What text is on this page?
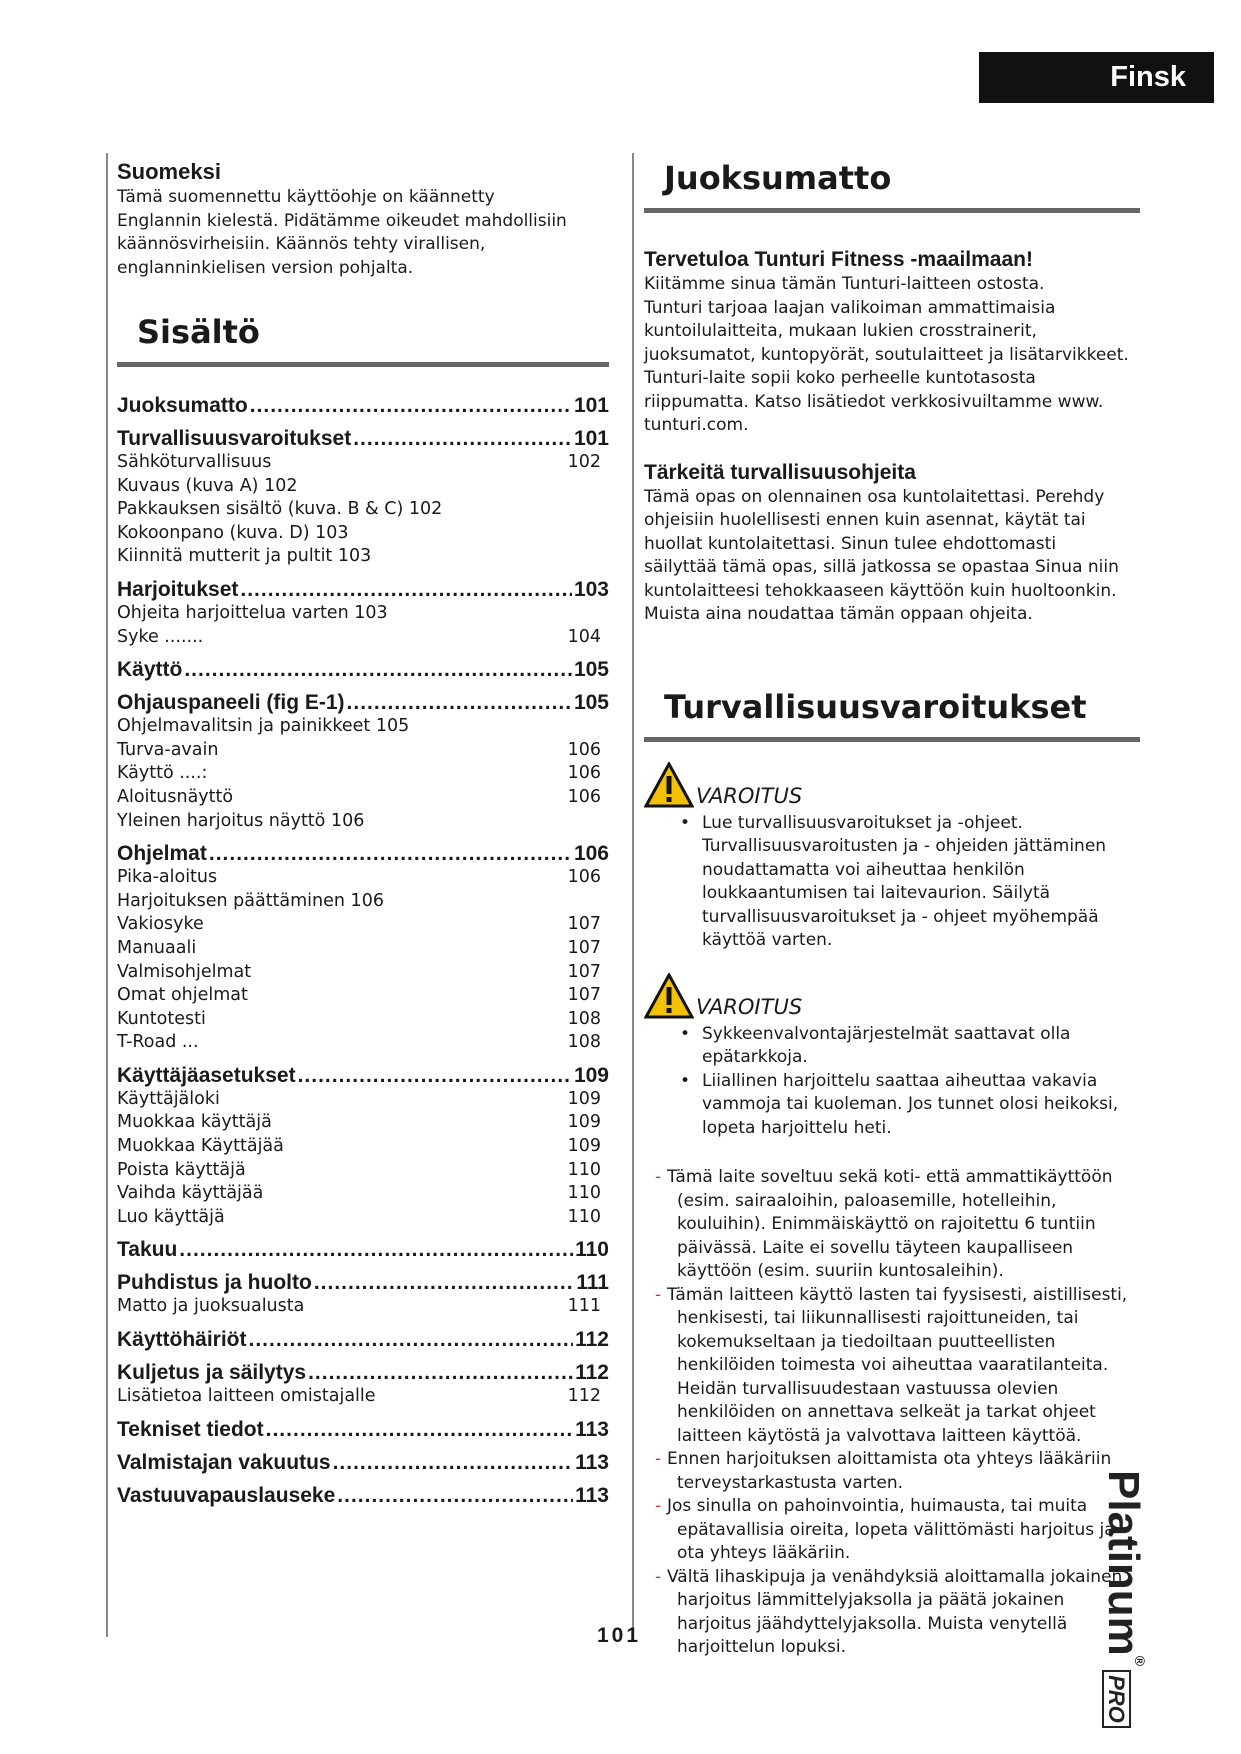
Finsk
Suomeksi

Tämä suomennettu käyttöohje on käännetty

Englannin kielestä. Pidätämme oikeudet mahdollisiin

käännösvirheisiin. Käännös tehty virallisen,

englanninkielisen version pohjalta.

Sisältö
Juoksumatto .....	101
Turvallisuusvaroitukset .....	101
Sähköturvallisuus	102
Kuvaus (kuva A) 102
Pakkauksen sisältö (kuva. B & C) 102
Kokoonpano (kuva. D) 103
Kiinnitä mutterit ja pultit 103
Harjoitukset .....	103
Ohjeita harjoittelua varten 103
Syke .......	104
Käyttö .....	105
Ohjauspaneeli (fig E-1) .....	105
Ohjelmavalitsin ja painikkeet 105
Turva-avain	106
Käyttö ....:	106
Aloitusnäyttö	106
Yleinen harjoitus näyttö 106
Ohjelmat .....	106
Pika-aloitus	106
Harjoituksen päättäminen 106
Vakiosyke	107
Manuaali	107
Valmisohjelmat	107
Omat ohjelmat	107
Kuntotesti	108
T-Road ...	108
Käyttäjäasetukset .....	109
Käyttäjäloki	109
Muokkaa käyttäjä	109
Muokkaa Käyttäjää	109
Poista käyttäjä	110
Vaihda käyttäjää	110
Luo käyttäjä	110
Takuu .....	110
Puhdistus ja huolto .....	111
Matto ja juoksualusta	111
Käyttöhäiriöt .....	112
Kuljetus ja säilytys .....	112
Lisätietoa laitteen omistajalle	112
Tekniset tiedot .....	113
Valmistajan vakuutus .....	113
Vastuuvapauslauseke .....	113
Juoksumatto
Tervetuloa Tunturi Fitness -maailmaan!

Kiitämme sinua tämän Tunturi-laitteen ostosta.

Tunturi tarjoaa laajan valikoiman ammattimaisia

kuntoilulaitteita, mukaan lukien crosstrainerit,

juoksumatot, kuntopyörät, soutulaitteet ja lisätarvikkeet.

Tunturi-laite sopii koko perheelle kuntotasosta

riippumatta. Katso lisätiedot verkkosivuiltamme www.

tunturi.com.

Tärkeitä turvallisuusohjeita

Tämä opas on olennainen osa kuntolaitettasi. Perehdy

ohjeisiin huolellisesti ennen kuin asennat, käytät tai

huollat kuntolaitettasi. Sinun tulee ehdottomasti

säilyttää tämä opas, sillä jatkossa se opastaa Sinua niin

kuntolaitteesi tehokkaaseen käyttöön kuin huoltoonkin.

Muista aina noudattaa tämän oppaan ohjeita.

Turvallisuusvaroitukset
VAROITUS
• Lue turvallisuusvaroitukset ja -ohjeet. Turvallisuusvaroitusten ja - ohjeiden jättäminen noudattamatta voi aiheuttaa henkilön loukkaantumisen tai laitevaurion. Säilytä turvallisuusvaroitukset ja - ohjeet myöhempää käyttöä varten.
VAROITUS
• Sykkeenvalvontajärjestelmät saattavat olla epätarkkoja.
• Liiallinen harjoittelu saattaa aiheuttaa vakavia vammoja tai kuoleman. Jos tunnet olosi heikoksi, lopeta harjoittelu heti.
- Tämä laite soveltuu sekä koti- että ammattikäyttöön (esim. sairaaloihin, paloasemille, hotelleihin, kouluihin). Enimmäiskäyttö on rajoitettu 6 tuntiin päivässä. Laite ei sovellu täyteen kaupalliseen käyttöön (esim. suuriin kuntosaleihin).
- Tämän laitteen käyttö lasten tai fyysisesti, aistillisesti, henkisesti, tai liikunnallisesti rajoittuneiden, tai kokemukseltaan ja tiedoiltaan puutteellisten henkilöiden toimesta voi aiheuttaa vaaratilanteita. Heidän turvallisuudestaan vastuussa olevien henkilöiden on annettava selkeät ja tarkat ohjeet laitteen käytöstä ja valvottava laitteen käyttöä.
- Ennen harjoituksen aloittamista ota yhteys lääkäriin terveystarkastusta varten.
- Jos sinulla on pahoinvointia, huimausta, tai muita epätavallisia oireita, lopeta välittömästi harjoitus ja ota yhteys lääkäriin.
- Vältä lihaskipuja ja venähdyksiä aloittamalla jokainen harjoitus lämmittelyjaksolla ja päätä jokainen harjoitus jäähdyttelyjaksolla. Muista venytellä harjoittelun lopuksi.
101	Platinum®PRO
